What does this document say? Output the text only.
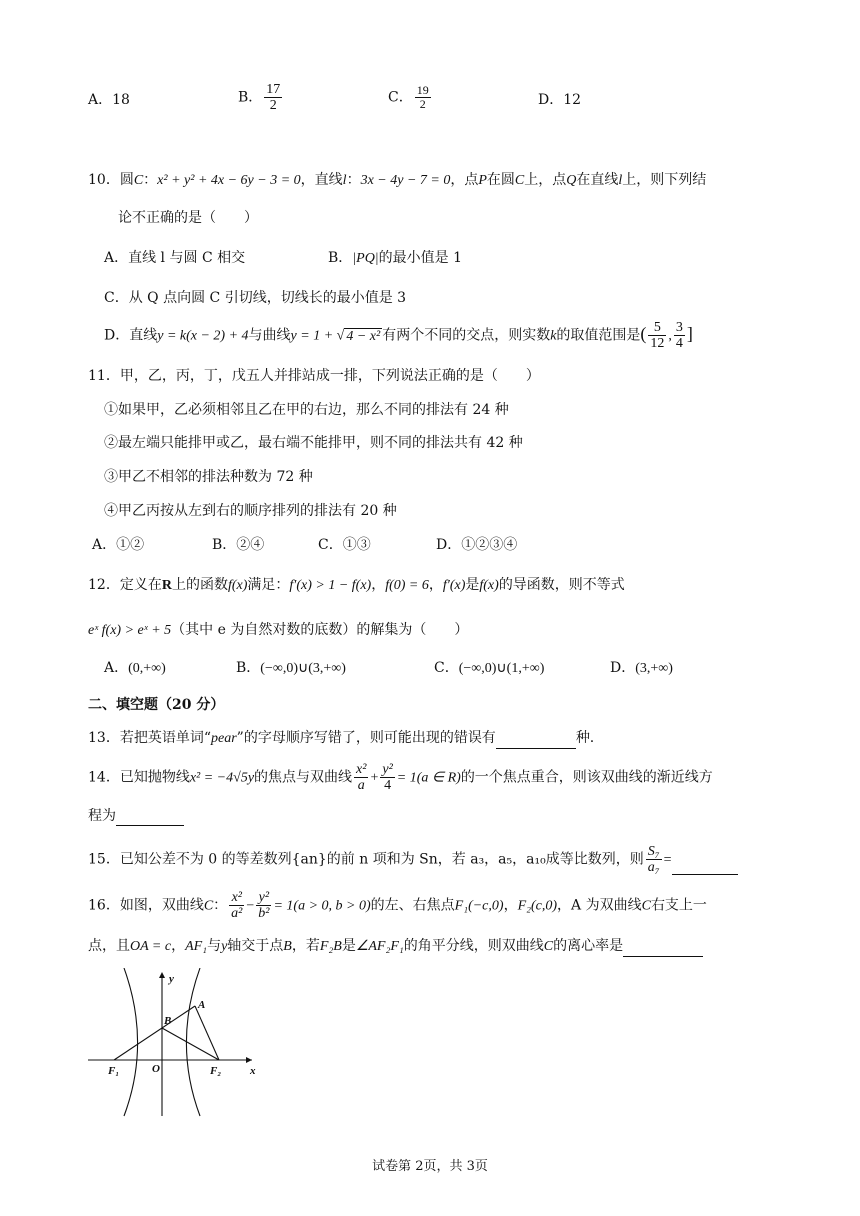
A．18	B． $\frac{17}{2}$	C． $\frac{19}{2}$	D．12
10．圆C：x² + y² + 4x − 6y − 3 = 0，直线l：3x − 4y − 7 = 0，点P在圆C上，点Q在直线l上，则下列结
论不正确的是（　　）
A．直线 l 与圆 C 相交	B．|PQ|的最小值是 1
C．从 Q 点向圆 C 引切线，切线长的最小值是 3
D．直线y = k(x − 2) + 4与曲线y = 1 + √ 4 − x² 有两个不同的交点，则实数k的取值范围是( $\frac{5}{12}$ , $\frac{3}{4}$ ]
11．甲，乙，丙，丁，戊五人并排站成一排，下列说法正确的是（　　）
①如果甲，乙必须相邻且乙在甲的右边，那么不同的排法有 24 种
②最左端只能排甲或乙，最右端不能排甲，则不同的排法共有 42 种
③甲乙不相邻的排法种数为 72 种
④甲乙丙按从左到右的顺序排列的排法有 20 种
A．①②	B．②④	C．①③	D．①②③④
12．定义在R上的函数f(x)满足：f′(x) > 1 − f(x)，f(0) = 6，f′(x)是f(x)的导函数，则不等式
eˣ f(x) > eˣ + 5（其中 e 为自然对数的底数）的解集为（　　）
A．(0,+∞)	B．(−∞,0)∪(3,+∞)	C．(−∞,0)∪(1,+∞)	D．(3,+∞)
二、填空题（20 分）
13．若把英语单词“pear”的字母顺序写错了，则可能出现的错误有	种.
14．已知抛物线x² = −4√5y的焦点与双曲线 $\frac{\text{x²}}{a} + \frac{\text{y²}}{4} = 1(a$ ∈ R)的一个焦点重合，则该双曲线的渐近线方
程为
15．已知公差不为 0 的等差数列{an}的前 n 项和为 Sn，若 a₃，a₅，a₁₀成等比数列，则 $\frac{\text{S₇}}{\text{a₇}}$ =
16．如图，双曲线C： $\frac{\text{x²}}{\text{a²}} - \frac{\text{y²}}{\text{b²}} = 1(a > 0$, b > 0)的左、右焦点F₁(−c,0)，F₂(c,0)，A 为双曲线C右支上一
点，且OA = c，AF₁与y轴交于点B，若F₂B是∠AF₂F₁的角平分线，则双曲线C的离心率是
y
x
A
B
O
F₁	F₂
试卷第 2页，共 3页
